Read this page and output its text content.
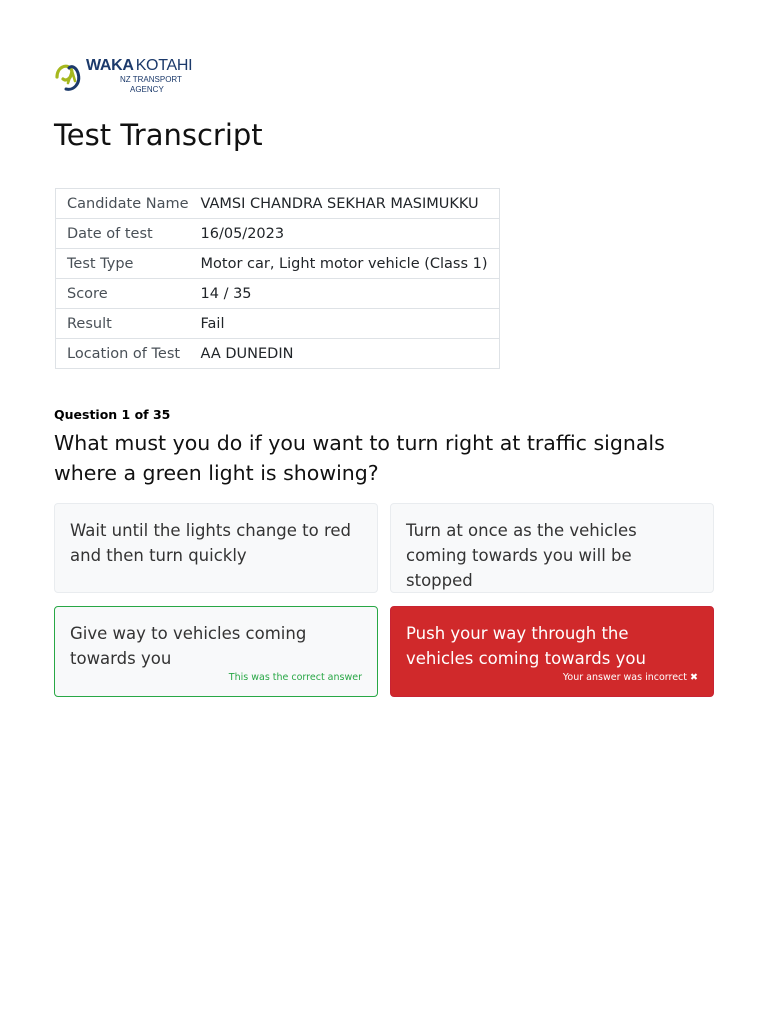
WAKA KOTAHI
NZ TRANSPORT
AGENCY
Test Transcript
Candidate Name	VAMSI CHANDRA SEKHAR MASIMUKKU
Date of test	16/05/2023
Test Type	Motor car, Light motor vehicle (Class 1)
Score	14 / 35
Result	Fail
Location of Test	AA DUNEDIN
Question 1 of 35
What must you do if you want to turn right at traffic signals where a green light is showing?
Wait until the lights change to red and then turn quickly
Turn at once as the vehicles coming towards you will be stopped
Give way to vehicles coming towards you
This was the correct answer
Push your way through the vehicles coming towards you
Your answer was incorrect ✖
